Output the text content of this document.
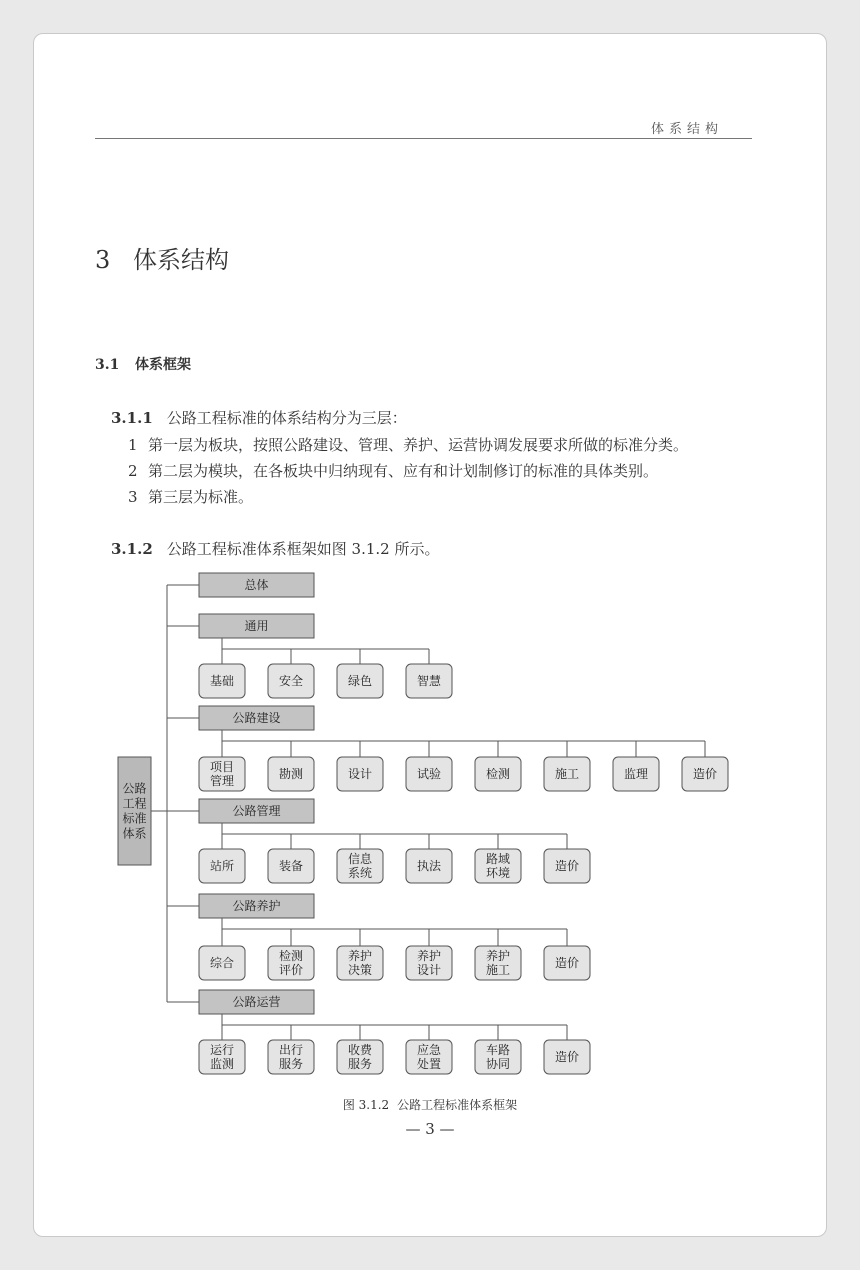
体系结构
3 体系结构
3.1 体系框架
3.1.1 公路工程标准的体系结构分为三层：
1 第一层为板块，按照公路建设、管理、养护、运营协调发展要求所做的标准分类。
2 第二层为模块，在各板块中归纳现有、应有和计划制修订的标准的具体类别。
3 第三层为标准。
3.1.2 公路工程标准体系框架如图 3.1.2 所示。
公路工程标准体系
总体
通用
基础	安全	绿色	智慧
公路建设
项目管理	勘测	设计	试验	检测	施工	监理	造价
公路管理
站所	装备	信息系统	执法	路域环境	造价
公路养护
综合	检测评价
养护决策
养护设计
养护施工	造价
公路运营
运行监测
出行服务
收费服务
应急处置
车路协同	造价
图 3.1.2 公路工程标准体系框架
— 3 —
